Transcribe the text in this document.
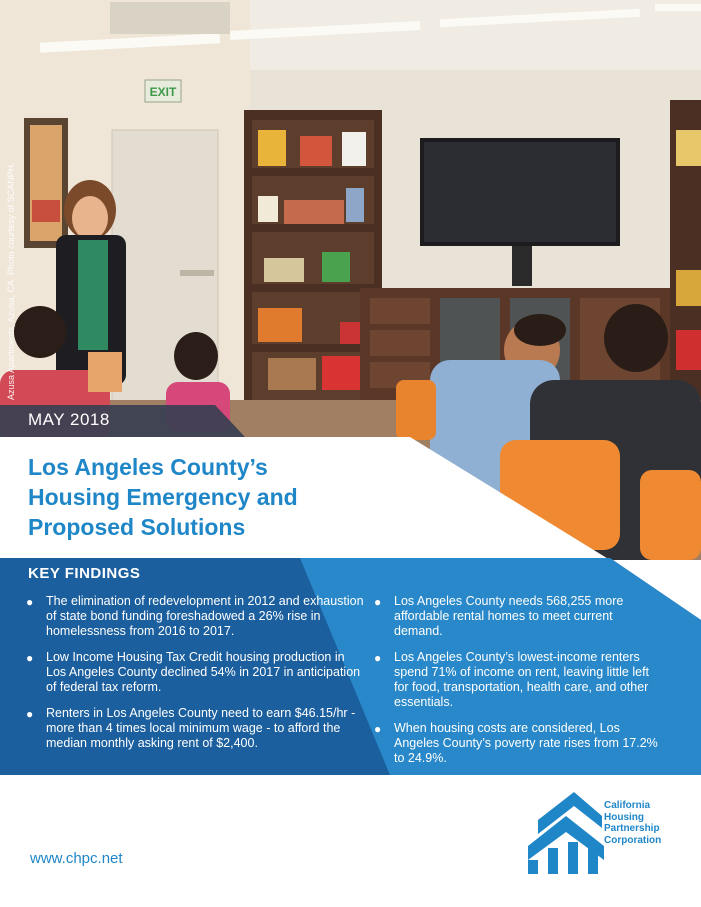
EXIT
Azusa Apartments, Azusa, CA. Photo courtesy of SCANPH.
MAY 2018
Los Angeles County’s
Housing Emergency and
Proposed Solutions
KEY FINDINGS
● The elimination of redevelopment in 2012 and exhaustion of state bond funding foreshadowed a 26% rise in homelessness from 2016 to 2017.
● Low Income Housing Tax Credit housing production in Los Angeles County declined 54% in 2017 in anticipation of federal tax reform.
● Renters in Los Angeles County need to earn $46.15/hr - more than 4 times local minimum wage - to afford the median monthly asking rent of $2,400.
● Los Angeles County needs 568,255 more affordable rental homes to meet current demand.
● Los Angeles County’s lowest-income renters spend 71% of income on rent, leaving little left for food, transportation, health care, and other essentials.
● When housing costs are considered, Los Angeles County’s poverty rate rises from 17.2% to 24.9%.
www.chpc.net
California
Housing
Partnership
Corporation
